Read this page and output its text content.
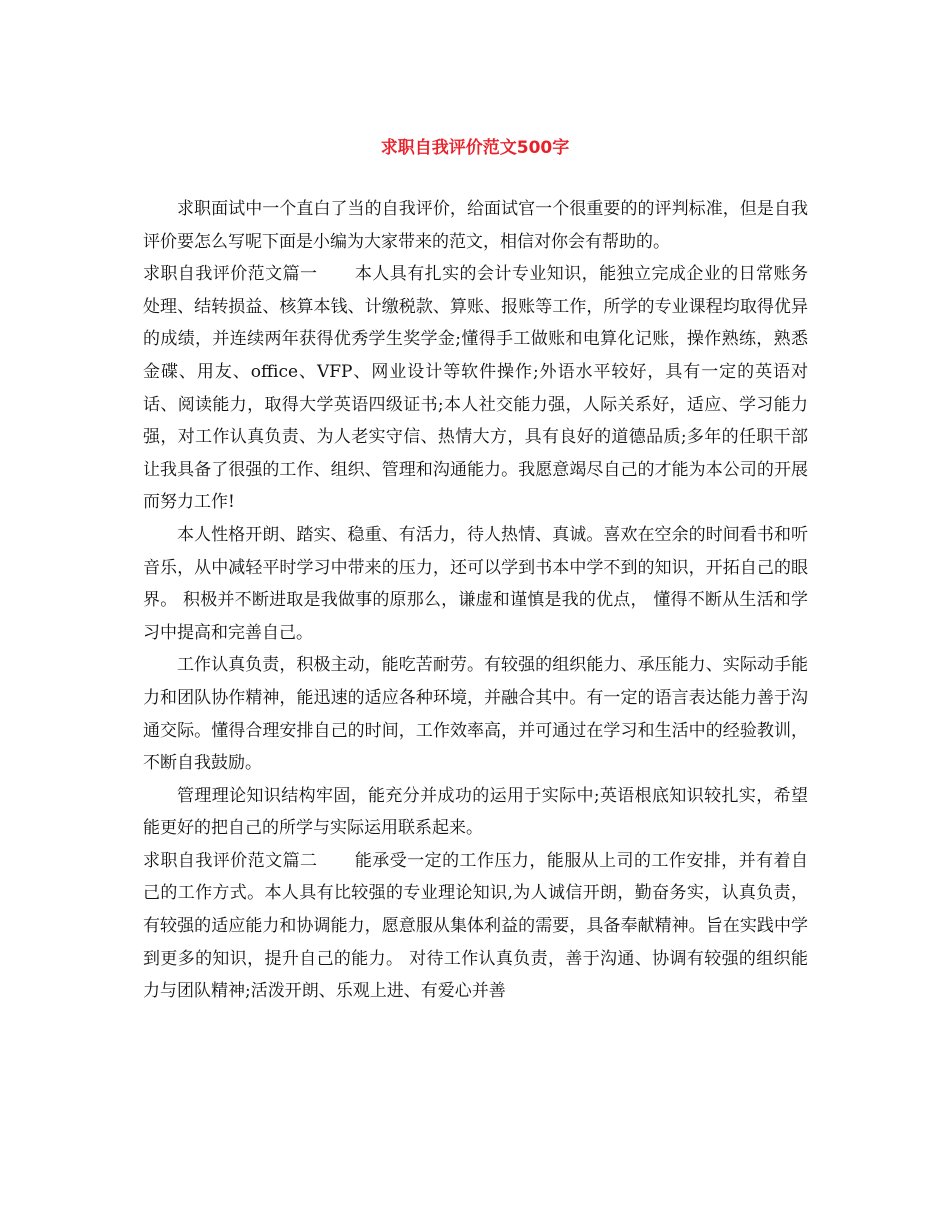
求职自我评价范文500字

求职面试中一个直白了当的自我评价，给面试官一个很重要的的评判标准，但是自我评价要怎么写呢下面是小编为大家带来的范文，相信对你会有帮助的。

求职自我评价范文篇一 本人具有扎实的会计专业知识，能独立完成企业的日常账务处理、结转损益、核算本钱、计缴税款、算账、报账等工作，所学的专业课程均取得优异的成绩，并连续两年获得优秀学生奖学金;懂得手工做账和电算化记账，操作熟练，熟悉金碟、用友、office、VFP、网业设计等软件操作;外语水平较好，具有一定的英语对话、阅读能力，取得大学英语四级证书;本人社交能力强，人际关系好，适应、学习能力强，对工作认真负责、为人老实守信、热情大方，具有良好的道德品质;多年的任职干部让我具备了很强的工作、组织、管理和沟通能力。我愿意竭尽自己的才能为本公司的开展而努力工作!

本人性格开朗、踏实、稳重、有活力，待人热情、真诚。喜欢在空余的时间看书和听音乐，从中减轻平时学习中带来的压力，还可以学到书本中学不到的知识，开拓自己的眼界。 积极并不断进取是我做事的原那么，谦虚和谨慎是我的优点， 懂得不断从生活和学习中提高和完善自己。

工作认真负责，积极主动，能吃苦耐劳。有较强的组织能力、承压能力、实际动手能力和团队协作精神，能迅速的适应各种环境，并融合其中。有一定的语言表达能力善于沟通交际。懂得合理安排自己的时间，工作效率高，并可通过在学习和生活中的经验教训，不断自我鼓励。

管理理论知识结构牢固，能充分并成功的运用于实际中;英语根底知识较扎实，希望能更好的把自己的所学与实际运用联系起来。

求职自我评价范文篇二 能承受一定的工作压力，能服从上司的工作安排，并有着自己的工作方式。本人具有比较强的专业理论知识,为人诚信开朗，勤奋务实，认真负责，有较强的适应能力和协调能力，愿意服从集体利益的需要，具备奉献精神。旨在实践中学到更多的知识，提升自己的能力。 对待工作认真负责，善于沟通、协调有较强的组织能力与团队精神;活泼开朗、乐观上进、有爱心并善
